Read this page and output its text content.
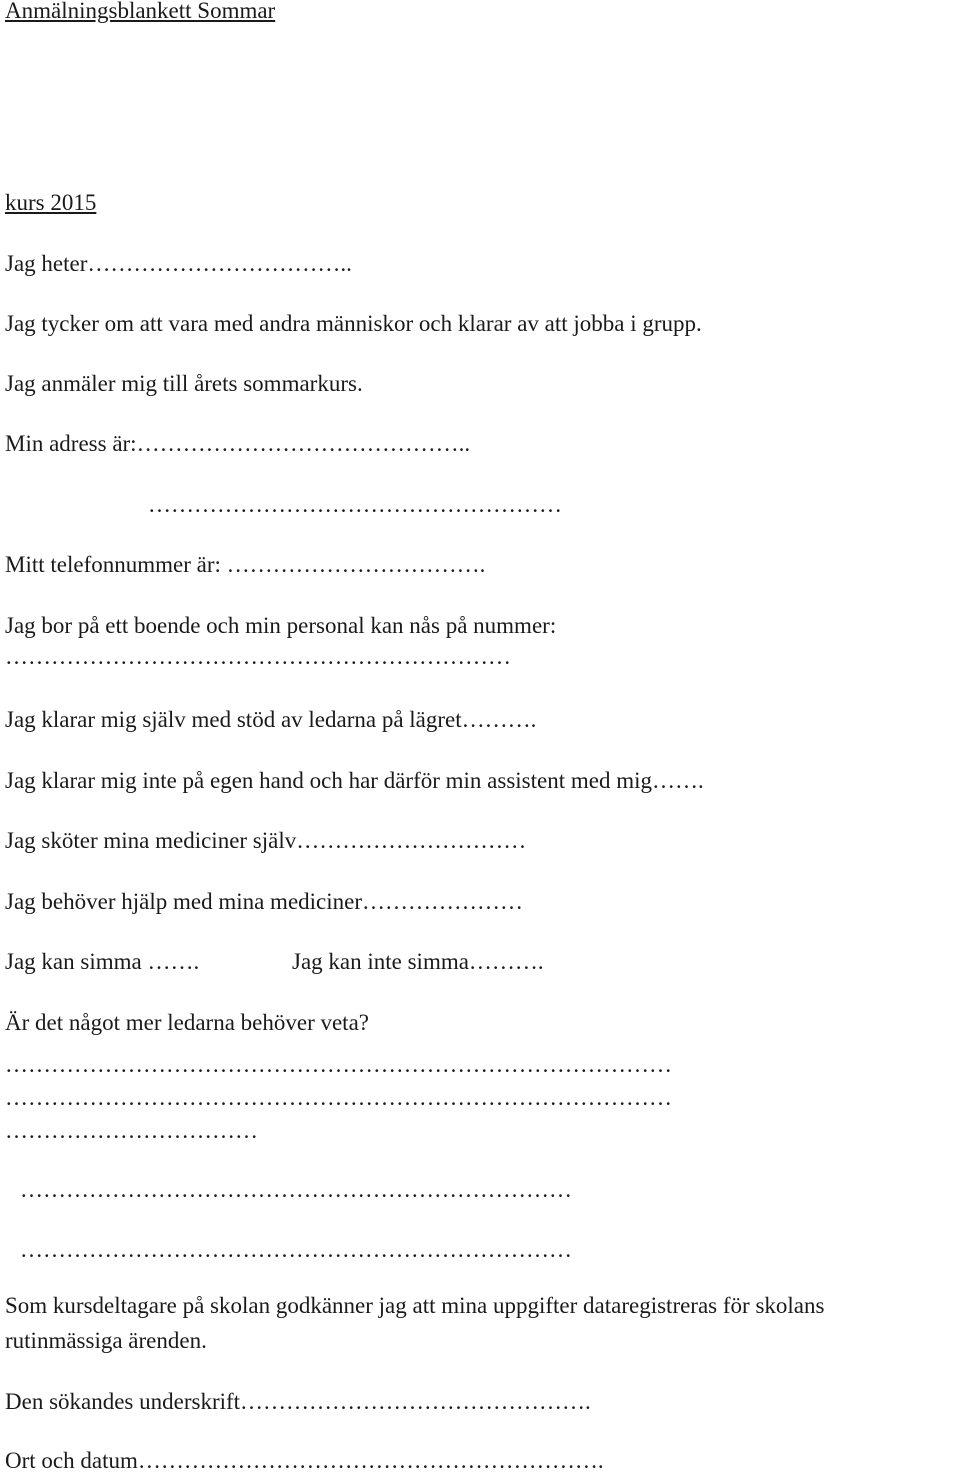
Anmälningsblankett Sommar
kurs 2015
Jag heter……………………………..
Jag tycker om att vara med andra människor och klarar av att jobba i grupp.
Jag anmäler mig till årets sommarkurs.
Min adress är:……………………………………..
………………………………………………
Mitt telefonnummer är: …………………………….
Jag bor på ett boende och min personal kan nås på nummer:
…………………………………………………………
Jag klarar mig själv med stöd av ledarna på lägret……….
Jag klarar mig inte på egen hand och har därför min assistent med mig…….
Jag sköter mina mediciner själv…………………………
Jag behöver hjälp med mina mediciner…………………
Jag kan simma …….	Jag kan inte simma……….
Är det något mer ledarna behöver veta?
……………………………………………………………………………
……………………………………………………………………………
……………………………
………………………………………………………………
………………………………………………………………
Som kursdeltagare på skolan godkänner jag att mina uppgifter dataregistreras för skolans
rutinmässiga ärenden.
Den sökandes underskrift……………………………………….
Ort och datum…………………………………………………….
